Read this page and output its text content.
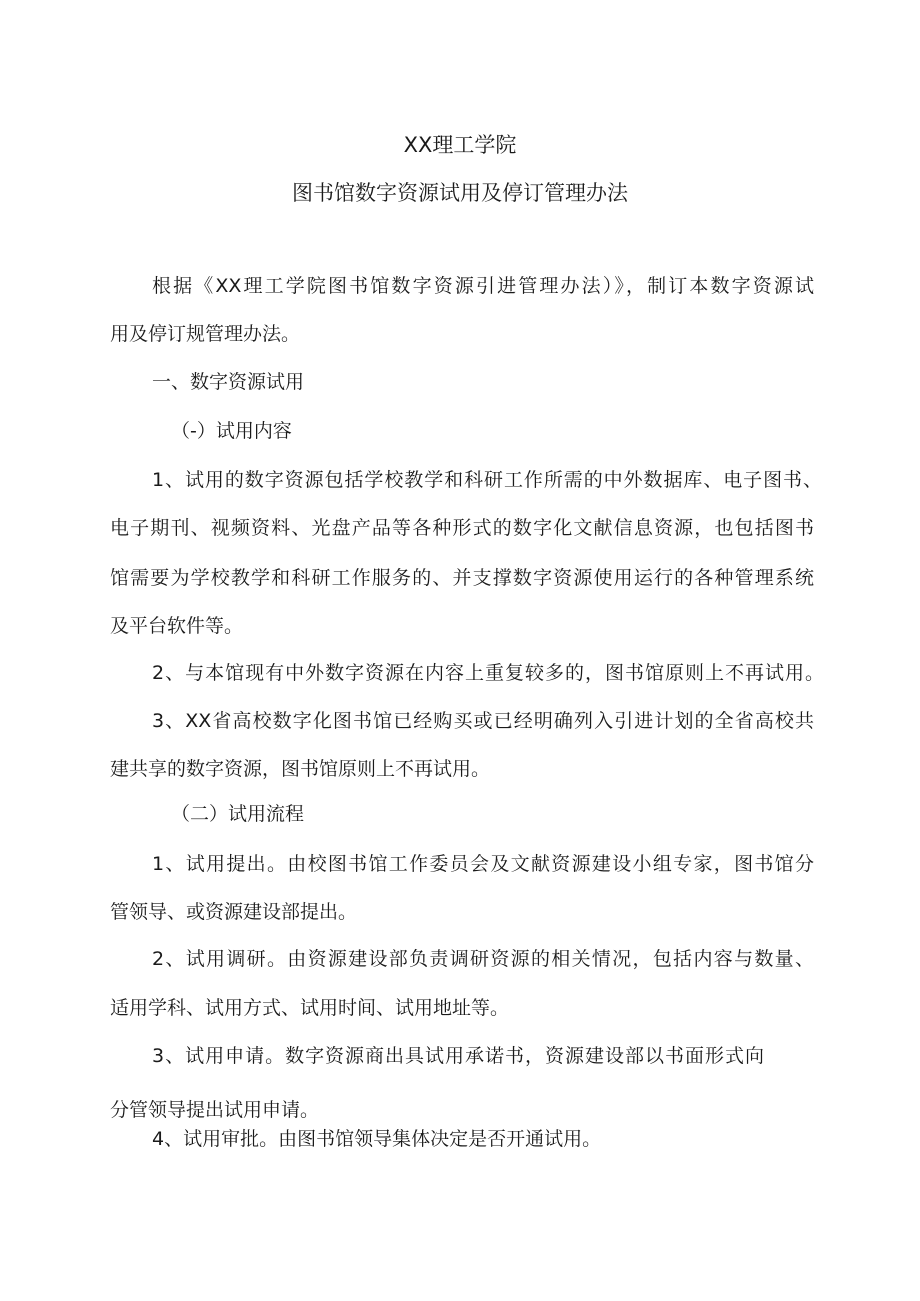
XX理工学院
图书馆数字资源试用及停订管理办法
根据《XX理工学院图书馆数字资源引进管理办法）》，制订本数字资源试
用及停订规管理办法。
一、数字资源试用
（-）试用内容
1、试用的数字资源包括学校教学和科研工作所需的中外数据库、电子图书、
电子期刊、视频资料、光盘产品等各种形式的数字化文献信息资源，也包括图书
馆需要为学校教学和科研工作服务的、并支撑数字资源使用运行的各种管理系统
及平台软件等。
2、与本馆现有中外数字资源在内容上重复较多的，图书馆原则上不再试用。
3、XX省高校数字化图书馆已经购买或已经明确列入引进计划的全省高校共
建共享的数字资源，图书馆原则上不再试用。
（二）试用流程
1、试用提出。由校图书馆工作委员会及文献资源建设小组专家，图书馆分
管领导、或资源建设部提出。
2、试用调研。由资源建设部负责调研资源的相关情况，包括内容与数量、
适用学科、试用方式、试用时间、试用地址等。
3、试用申请。数字资源商出具试用承诺书，资源建设部以书面形式向
分管领导提出试用申请。
4、试用审批。由图书馆领导集体决定是否开通试用。
